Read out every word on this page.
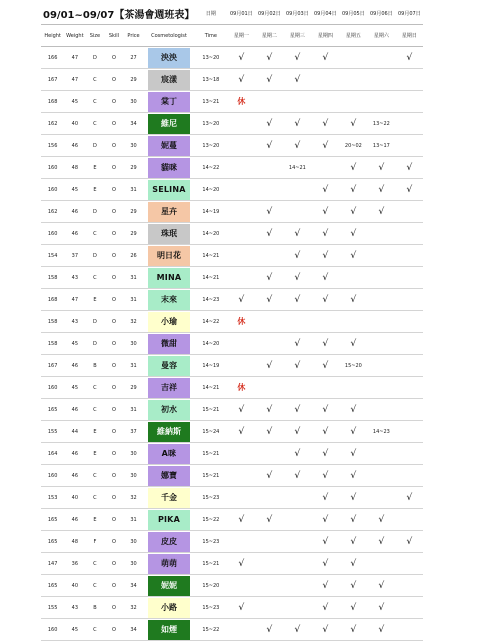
09/01~09/07【茶湯會週班表】						日期	09月01日	09月02日	09月03日	09月04日	09月05日	09月06日	09月07日
Height	Weight	Size	Skill	Price	Cosmetologist	Time	星期一	星期二	星期三	星期四	星期五	星期六	星期日
166	47	D	O	27	泱泱	13~20	√	√	√	√			√
167	47	C	O	29	宸漾	13~18	√	√	√				
168	45	C	O	30	棠丁	13~21	休						
162	40	C	O	34	維尼	13~20		√	√	√	√	13~22	
156	46	D	O	30	妮蔓	13~20		√	√	√	20~02	13~17	
160	48	E	O	29	貓咪	14~22			14~21		√	√	√
160	45	E	O	31	SELINA	14~20				√	√	√	√
162	46	D	O	29	星卉	14~19		√		√	√	√	
160	46	C	O	29	珠珉	14~20		√	√	√	√		
154	37	D	O	26	明日花	14~21			√	√	√		
158	43	C	O	31	MINA	14~21		√	√	√			
168	47	E	O	31	末來	14~23	√	√	√	√	√		
158	43	D	O	32	小瑜	14~22	休						
158	45	D	O	30	微甜	14~20			√	√	√		
167	46	B	O	31	曼容	14~19		√	√	√	15~20		
160	45	C	O	29	吉祥	14~21	休						
165	46	C	O	31	初水	15~21	√	√	√	√	√		
155	44	E	O	37	維納斯	15~24	√	√	√	√	√	14~23	
164	46	E	O	30	A咪	15~21			√	√	√		
160	46	C	O	30	娜寶	15~21		√	√	√	√		
153	40	C	O	32	千金	15~23				√	√		√
165	46	E	O	31	PIKA	15~22	√	√		√	√	√	
165	48	F	O	30	皮皮	15~23				√	√	√	√
147	36	C	O	30	萌萌	15~21	√			√	√		
165	40	C	O	34	妮妮	15~20				√	√	√	
155	43	B	O	32	小路	15~23	√			√	√	√	
160	45	C	O	34	如煙	15~22		√	√	√	√	√	
